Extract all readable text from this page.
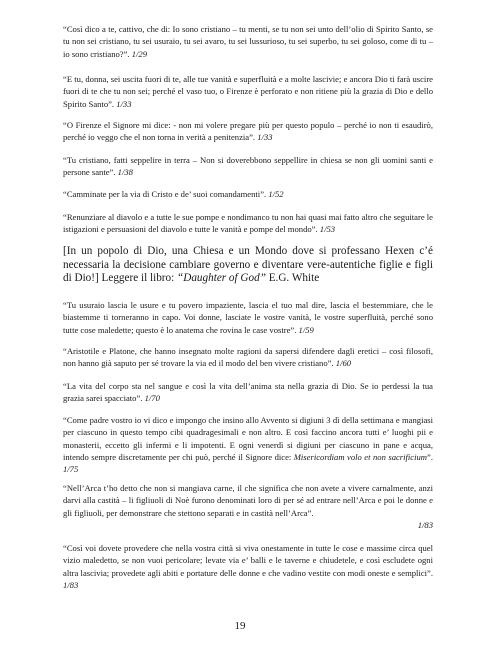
“Così dico a te, cattivo, che di: Io sono cristiano – tu menti, se tu non sei unto dell’olio di Spirito Santo, se tu non sei cristiano, tu sei usuraio, tu sei avaro, tu sei lussurioso, tu sei superbo, tu sei goloso, come di tu – io sono cristiano?”. 1/29

“E tu, donna, sei uscita fuori di te, alle tue vanità e superfluità e a molte lascivie; e ancora Dio ti farà uscire fuori di te che tu non sei; perché el vaso tuo, o Firenze è perforato e non ritiene più la grazia di Dio e dello Spirito Santo”. 1/33

“O Firenze el Signore mi dice: - non mi volere pregare più per questo populo – perché io non ti esaudirò, perché io veggo che el non torna in verità a penitenzia”. 1/33

“Tu cristiano, fatti seppelire in terra – Non si doverebbono seppellire in chiesa se non gli uomini santi e persone sante”. 1/38

“Camminate per la via di Cristo e de’ suoi comandamenti”. 1/52

“Renunziare al diavolo e a tutte le sue pompe e nondimanco tu non hai quasi mai fatto altro che seguitare le istigazioni e persuasioni del diavolo e tutte le vanità e pompe del mondo”. 1/53

[In un popolo di Dio, una Chiesa e un Mondo dove si professano Hexen c’é necessaria la decisione cambiare governo e diventare vere-autentiche figlie e figli di Dio!] Leggere il libro: “Daughter of God” E.G. White

“Tu usuraio lascia le usure e tu povero impaziente, lascia el tuo mal dire, lascia el bestemmiare, che le biastemme ti torneranno in capo. Voi donne, lasciate le vostre vanità, le vostre superfluità, perché sono tutte cose maledette; questo è lo anatema che rovina le case vostre”. 1/59

“Aristotile e Platone, che hanno insegnato molte ragioni da sapersi difendere dagli eretici – così filosofi, non hanno già saputo per sé trovare la via ed il modo del ben vivere cristiano”. 1/60

“La vita del corpo sta nel sangue e così la vita dell’anima sta nella grazia di Dio. Se io perdessi la tua grazia sarei spacciato”. 1/70

“Come padre vostro io vi dico e impongo che insino allo Avvento si digiuni 3 dì della settimana e mangiasi per ciascuno in questo tempo cibi quadragesimali e non altro. E così faccino ancora tutti e’ luoghi pii e monasterii, eccetto gli infermi e li impotenti. E ogni venerdì si digiuni per ciascuno in pane e acqua, intendo sempre discretamente per chi può, perché il Signore dice: Misericordiam volo et non sacrificium”. 1/75

“Nell’Arca t’ho detto che non si mangiava carne, il che significa che non avete a vivere carnalmente, anzi darvi alla castità – li figliuoli di Noè furono denominati loro di per sé ad entrare nell’Arca e poi le donne e gli figliuoli, per demonstrare che stettono separati e in castità nell’Arca”.
1/83

“Così voi dovete provedere che nella vostra città si viva onestamente in tutte le cose e massime circa quel vizio maledetto, se non vuoi pericolare; levate via e’ balli e le taverne e chiudetele, e così escludete ogni altra lascivia; provedete agli abiti e portature delle donne e che vadino vestite con modi oneste e semplici”. 1/83

19
